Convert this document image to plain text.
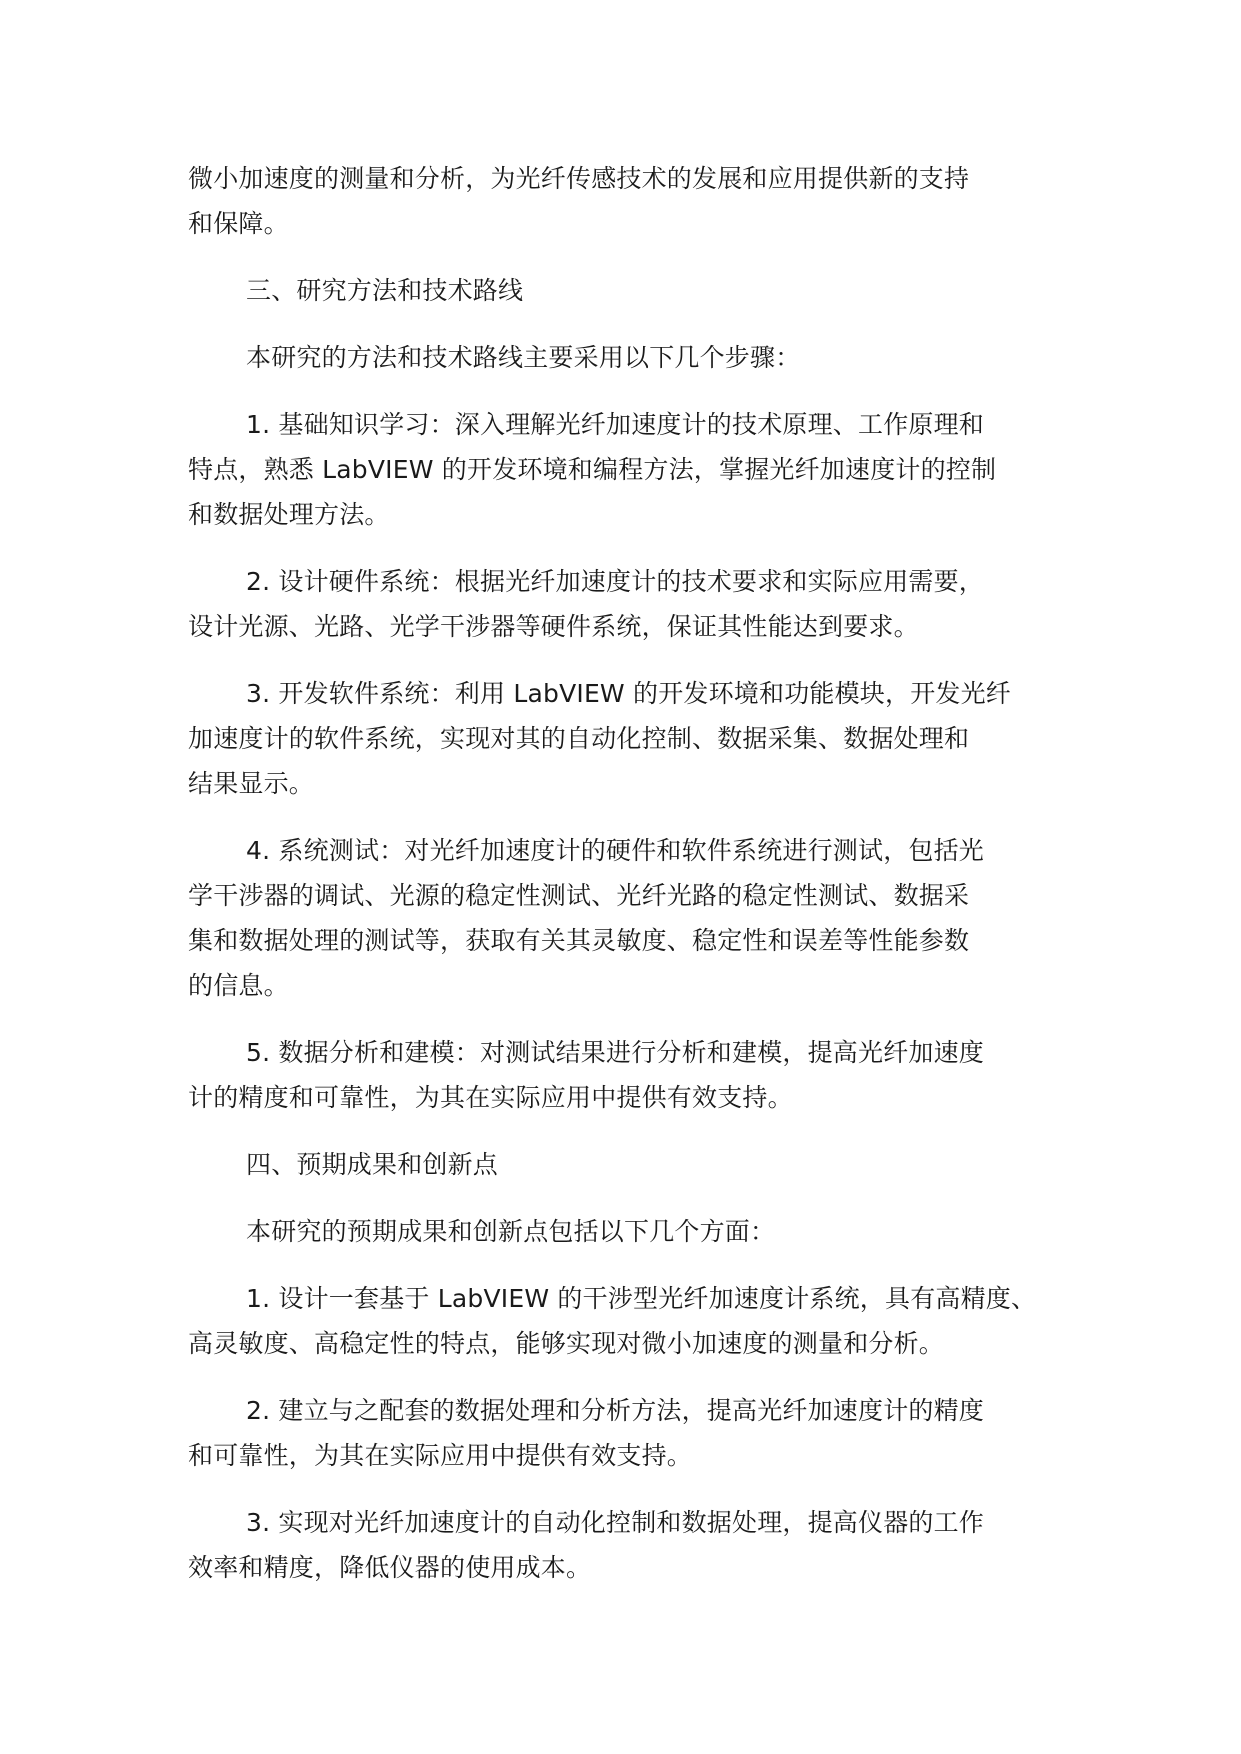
微小加速度的测量和分析，为光纤传感技术的发展和应用提供新的支持
和保障。

三、研究方法和技术路线

本研究的方法和技术路线主要采用以下几个步骤：

1. 基础知识学习：深入理解光纤加速度计的技术原理、工作原理和
特点，熟悉 LabVIEW 的开发环境和编程方法，掌握光纤加速度计的控制
和数据处理方法。

2. 设计硬件系统：根据光纤加速度计的技术要求和实际应用需要，
设计光源、光路、光学干涉器等硬件系统，保证其性能达到要求。

3. 开发软件系统：利用 LabVIEW 的开发环境和功能模块，开发光纤
加速度计的软件系统，实现对其的自动化控制、数据采集、数据处理和
结果显示。

4. 系统测试：对光纤加速度计的硬件和软件系统进行测试，包括光
学干涉器的调试、光源的稳定性测试、光纤光路的稳定性测试、数据采
集和数据处理的测试等，获取有关其灵敏度、稳定性和误差等性能参数
的信息。

5. 数据分析和建模：对测试结果进行分析和建模，提高光纤加速度
计的精度和可靠性，为其在实际应用中提供有效支持。

四、预期成果和创新点

本研究的预期成果和创新点包括以下几个方面：

1. 设计一套基于 LabVIEW 的干涉型光纤加速度计系统，具有高精度、
高灵敏度、高稳定性的特点，能够实现对微小加速度的测量和分析。

2. 建立与之配套的数据处理和分析方法，提高光纤加速度计的精度
和可靠性，为其在实际应用中提供有效支持。

3. 实现对光纤加速度计的自动化控制和数据处理，提高仪器的工作
效率和精度，降低仪器的使用成本。
